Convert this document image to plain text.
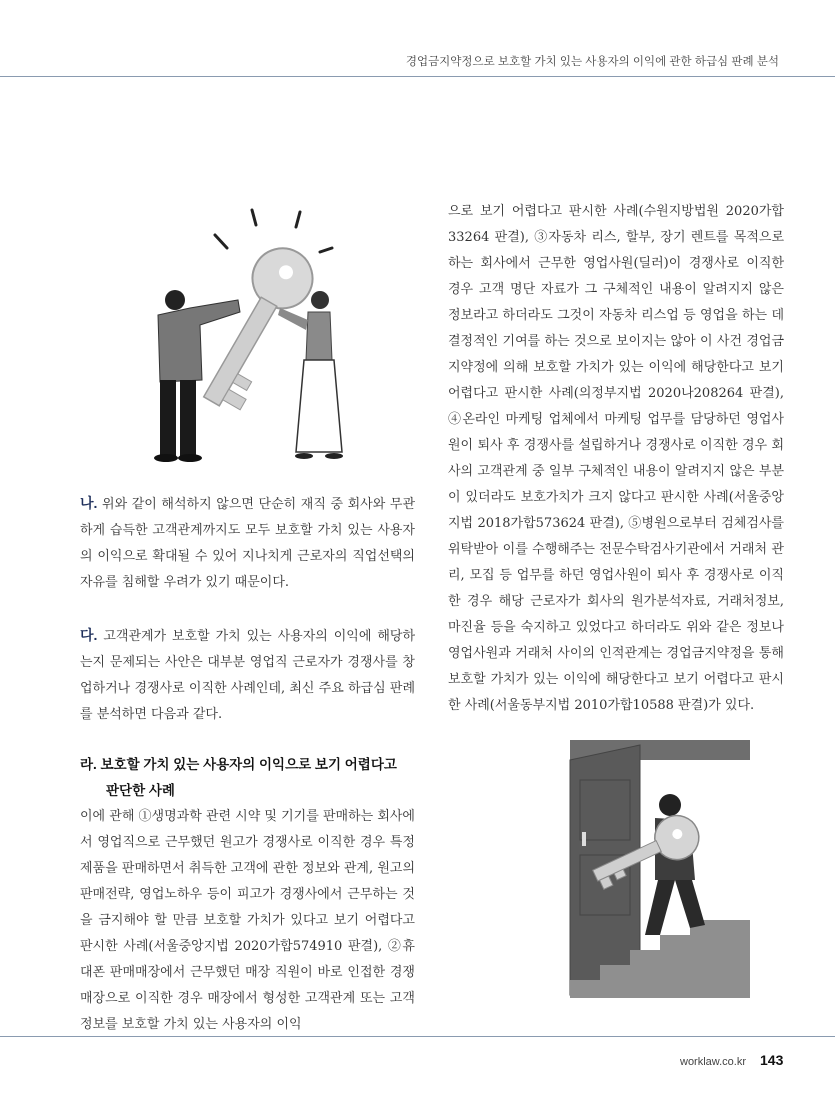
경업금지약정으로 보호할 가치 있는 사용자의 이익에 관한 하급심 판례 분석

나. 위와 같이 해석하지 않으면 단순히 재직 중 회사와 무관하게 습득한 고객관계까지도 모두 보호할 가치 있는 사용자의 이익으로 확대될 수 있어 지나치게 근로자의 직업선택의 자유를 침해할 우려가 있기 때문이다.

다. 고객관계가 보호할 가치 있는 사용자의 이익에 해당하는지 문제되는 사안은 대부분 영업직 근로자가 경쟁사를 창업하거나 경쟁사로 이직한 사례인데, 최신 주요 하급심 판례를 분석하면 다음과 같다.

라. 보호할 가치 있는 사용자의 이익으로 보기 어렵다고
판단한 사례

이에 관해 ①생명과학 관련 시약 및 기기를 판매하는 회사에서 영업직으로 근무했던 원고가 경쟁사로 이직한 경우 특정 제품을 판매하면서 취득한 고객에 관한 정보와 관계, 원고의 판매전략, 영업노하우 등이 피고가 경쟁사에서 근무하는 것을 금지해야 할 만큼 보호할 가치가 있다고 보기 어렵다고 판시한 사례(서울중앙지법 2020가합574910 판결), ②휴대폰 판매매장에서 근무했던 매장 직원이 바로 인접한 경쟁 매장으로 이직한 경우 매장에서 형성한 고객관계 또는 고객정보를 보호할 가치 있는 사용자의 이익

으로 보기 어렵다고 판시한 사례(수원지방법원 2020가합33264 판결), ③자동차 리스, 할부, 장기 렌트를 목적으로 하는 회사에서 근무한 영업사원(딜러)이 경쟁사로 이직한 경우 고객 명단 자료가 그 구체적인 내용이 알려지지 않은 정보라고 하더라도 그것이 자동차 리스업 등 영업을 하는 데 결정적인 기여를 하는 것으로 보이지는 않아 이 사건 경업금지약정에 의해 보호할 가치가 있는 이익에 해당한다고 보기 어렵다고 판시한 사례(의정부지법 2020나208264 판결), ④온라인 마케팅 업체에서 마케팅 업무를 담당하던 영업사원이 퇴사 후 경쟁사를 설립하거나 경쟁사로 이직한 경우 회사의 고객관계 중 일부 구체적인 내용이 알려지지 않은 부분이 있더라도 보호가치가 크지 않다고 판시한 사례(서울중앙지법 2018가합573624 판결), ⑤병원으로부터 검체검사를 위탁받아 이를 수행해주는 전문수탁검사기관에서 거래처 관리, 모집 등 업무를 하던 영업사원이 퇴사 후 경쟁사로 이직한 경우 해당 근로자가 회사의 원가분석자료, 거래처정보, 마진율 등을 숙지하고 있었다고 하더라도 위와 같은 정보나 영업사원과 거래처 사이의 인적관계는 경업금지약정을 통해 보호할 가치가 있는 이익에 해당한다고 보기 어렵다고 판시한 사례(서울동부지법 2010가합10588 판결)가 있다.

worklaw.co.kr 143
